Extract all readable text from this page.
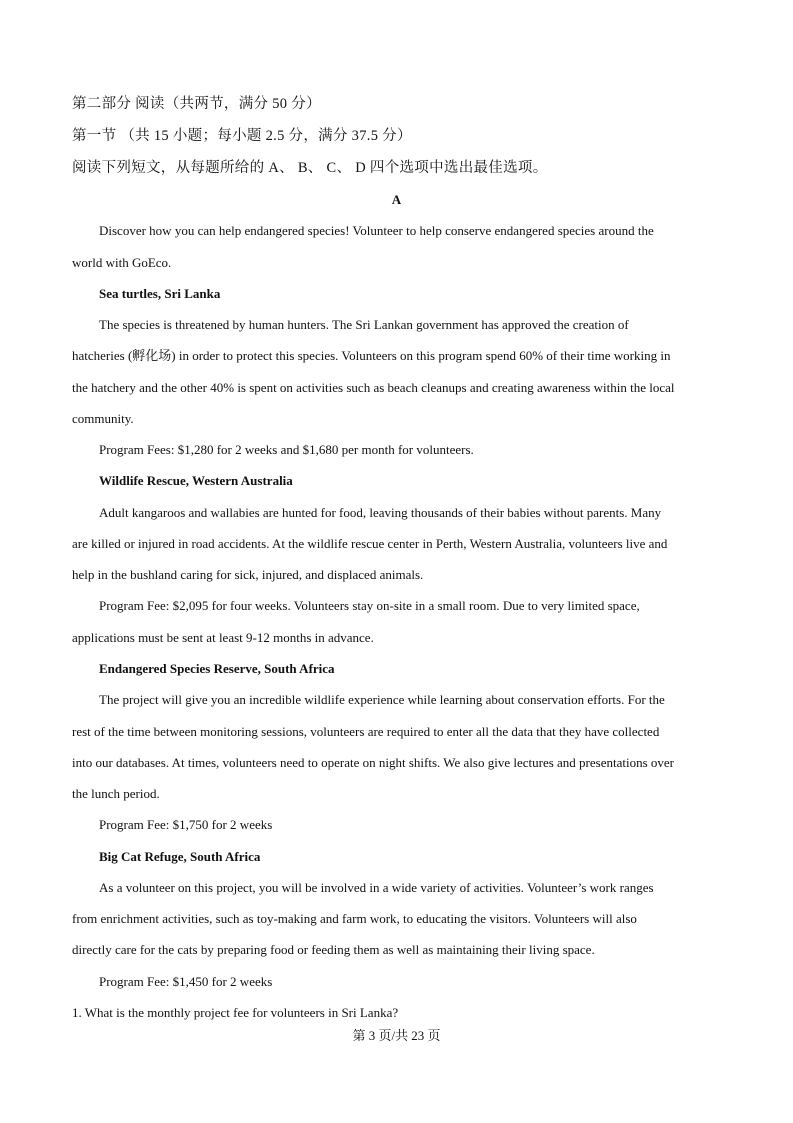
第二部分 阅读（共两节，满分 50 分）
第一节 （共 15 小题；每小题 2.5 分，满分 37.5 分）
阅读下列短文，从每题所给的 A、 B、 C、 D 四个选项中选出最佳选项。
A
Discover how you can help endangered species! Volunteer to help conserve endangered species around the
world with GoEco.
Sea turtles, Sri Lanka
The species is threatened by human hunters. The Sri Lankan government has approved the creation of
hatcheries (孵化场) in order to protect this species. Volunteers on this program spend 60% of their time working in
the hatchery and the other 40% is spent on activities such as beach cleanups and creating awareness within the local
community.
Program Fees: $1,280 for 2 weeks and $1,680 per month for volunteers.
Wildlife Rescue, Western Australia
Adult kangaroos and wallabies are hunted for food, leaving thousands of their babies without parents. Many
are killed or injured in road accidents. At the wildlife rescue center in Perth, Western Australia, volunteers live and
help in the bushland caring for sick, injured, and displaced animals.
Program Fee: $2,095 for four weeks. Volunteers stay on-site in a small room. Due to very limited space,
applications must be sent at least 9-12 months in advance.
Endangered Species Reserve, South Africa
The project will give you an incredible wildlife experience while learning about conservation efforts. For the
rest of the time between monitoring sessions, volunteers are required to enter all the data that they have collected
into our databases. At times, volunteers need to operate on night shifts. We also give lectures and presentations over
the lunch period.
Program Fee: $1,750 for 2 weeks
Big Cat Refuge, South Africa
As a volunteer on this project, you will be involved in a wide variety of activities. Volunteer’s work ranges
from enrichment activities, such as toy-making and farm work, to educating the visitors. Volunteers will also
directly care for the cats by preparing food or feeding them as well as maintaining their living space.
Program Fee: $1,450 for 2 weeks
1. What is the monthly project fee for volunteers in Sri Lanka?
第 3 页/共 23 页
